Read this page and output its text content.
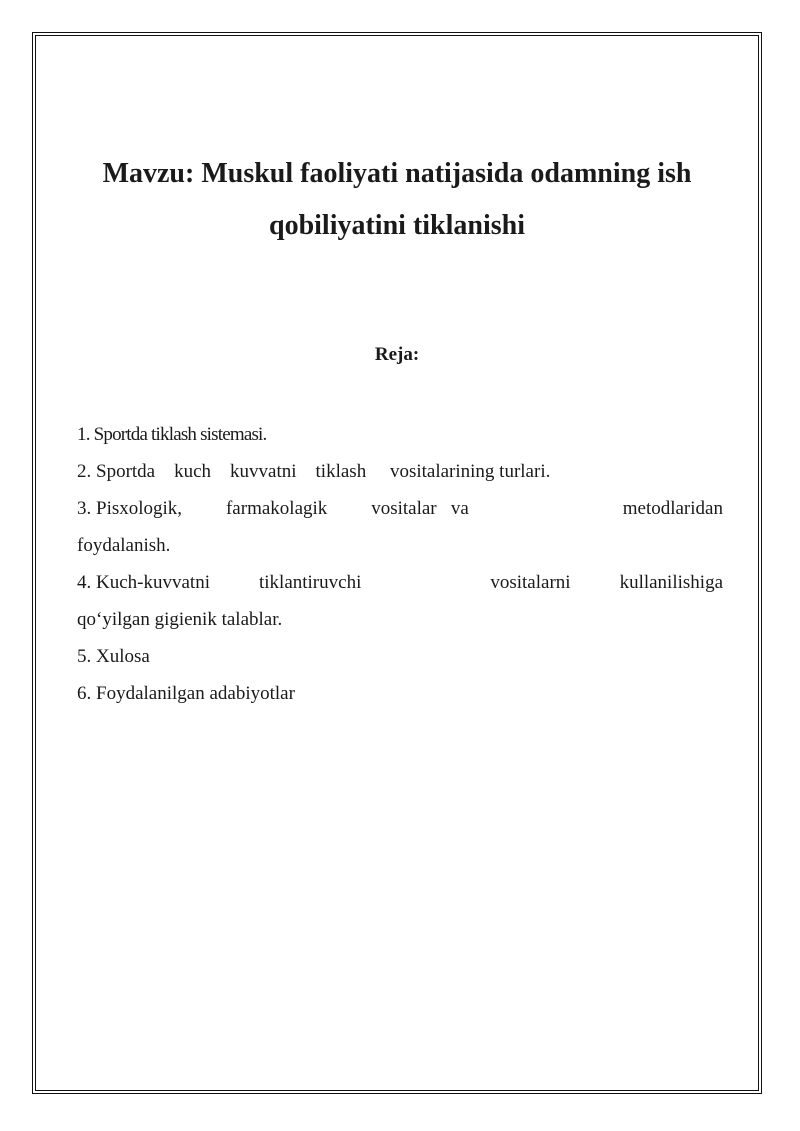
Mavzu: Muskul faoliyati natijasida odamning ish
qobiliyatini tiklanishi
Reja:
1. Sportda tiklash sistemasi.
2. Sportda    kuch    kuvvatni    tiklash     vositalarining turlari.
3. Pisxologik, farmakolagik vositalar   va	metodlaridan
foydalanish.
4. Kuch-kuvvatni	tiklantiruvchi	vositalarni	kullanilishiga
qo‘yilgan gigienik talablar.
5. Xulosa
6. Foydalanilgan adabiyotlar
